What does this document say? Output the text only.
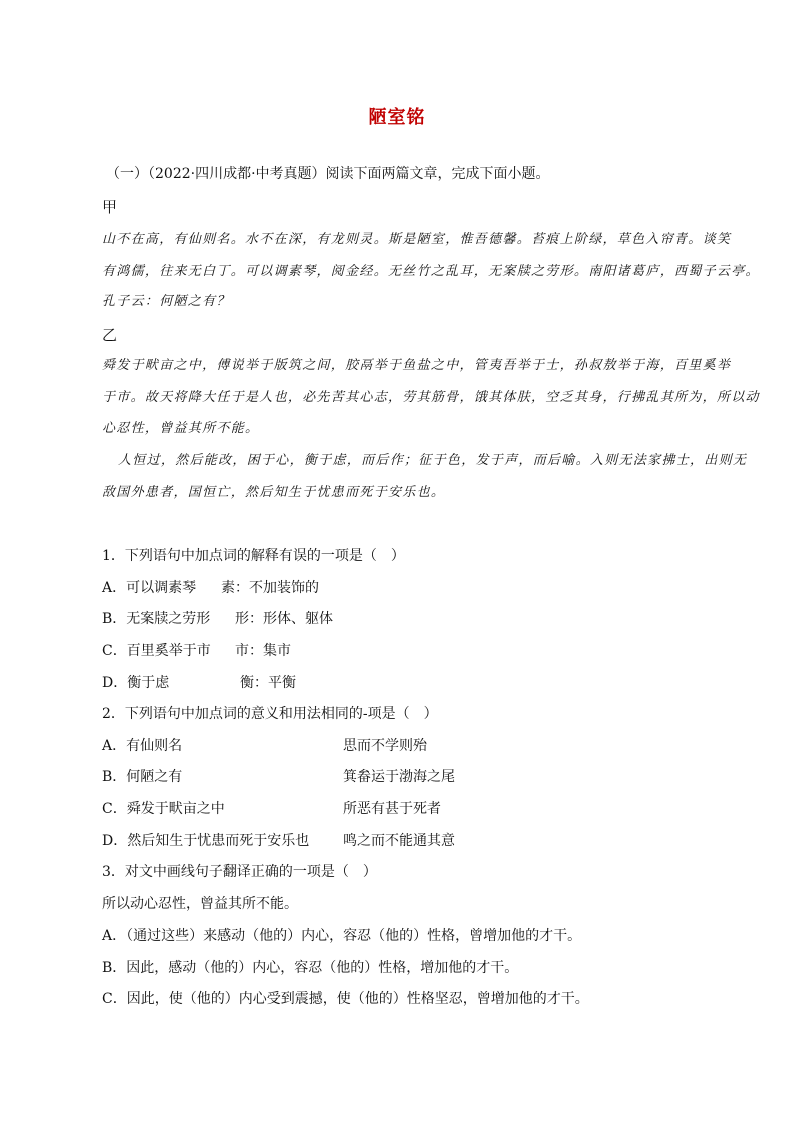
陋室铭
（一）（2022·四川成都·中考真题）阅读下面两篇文章，完成下面小题。
甲
山不在高，有仙则名。水不在深，有龙则灵。斯是陋室，惟吾德馨。苔痕上阶绿，草色入帘青。谈笑
有鸿儒，往来无白丁。可以调素琴，阅金经。无丝竹之乱耳，无案牍之劳形。南阳诸葛庐，西蜀子云亭。
孔子云：何陋之有？
乙
舜发于畎亩之中，傅说举于版筑之间，胶鬲举于鱼盐之中，管夷吾举于士，孙叔敖举于海，百里奚举
于市。故天将降大任于是人也，必先苦其心志，劳其筋骨，饿其体肤，空乏其身，行拂乱其所为，所以动
心忍性，曾益其所不能。
人恒过，然后能改，困于心，衡于虑，而后作；征于色，发于声，而后喻。入则无法家拂士，出则无
敌国外患者，国恒亡，然后知生于忧患而死于安乐也。
1．下列语句中加点词的解释有误的一项是（　）
A．可以调素琴 素：不加装饰的
B．无案牍之劳形 形：形体、躯体
C．百里奚举于市 市：集市
D．衡于虑	衡：平衡
2．下列语句中加点词的意义和用法相同的-项是（　）
A．有仙则名	思而不学则殆
B．何陋之有	箕畚运于渤海之尾
C．舜发于畎亩之中	所恶有甚于死者
D．然后知生于忧患而死于安乐也 鸣之而不能通其意
3．对文中画线句子翻译正确的一项是（　）
所以动心忍性，曾益其所不能。
A．（通过这些）来感动（他的）内心，容忍（他的）性格，曾增加他的才干。
B．因此，感动（他的）内心，容忍（他的）性格，增加他的才干。
C．因此，使（他的）内心受到震撼，使（他的）性格坚忍，曾增加他的才干。
